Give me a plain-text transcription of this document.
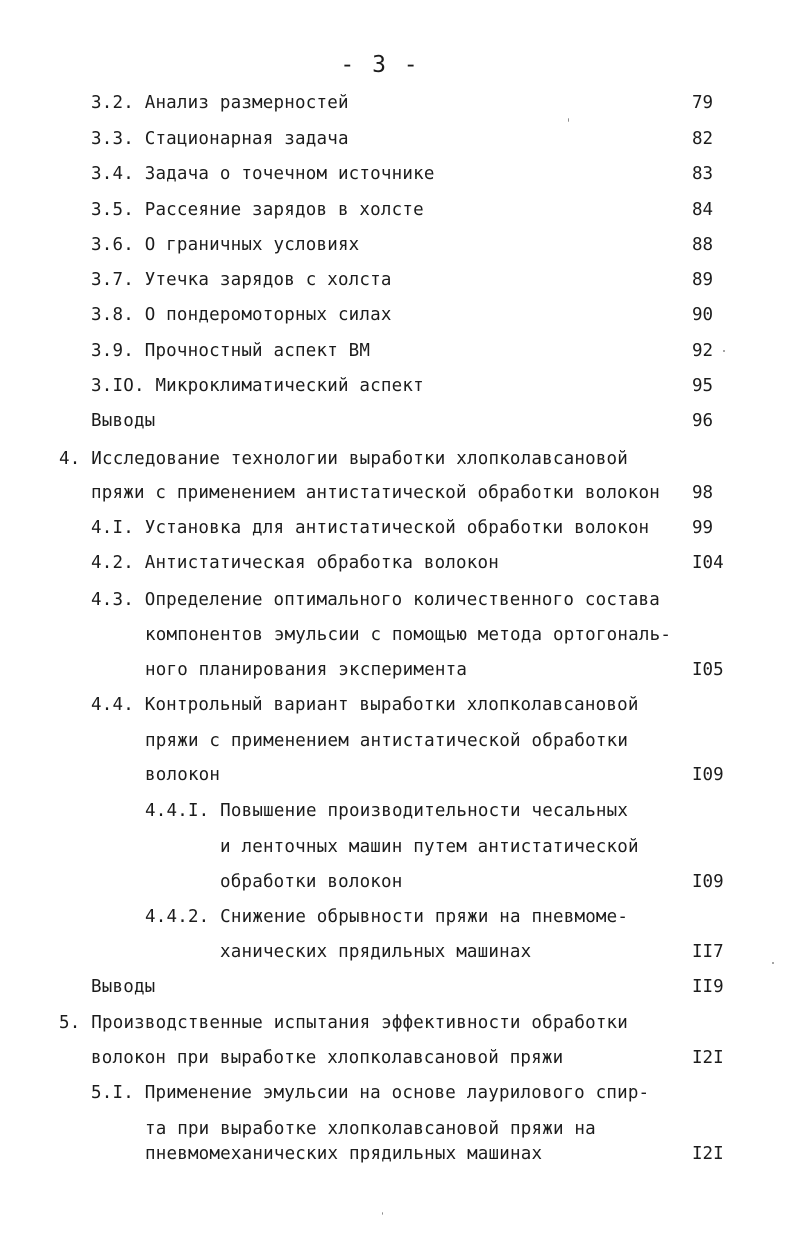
- 3 -
3.2. Анализ размерностей	79
3.3. Стационарная задача	82
3.4. Задача о точечном источнике	83
3.5. Рассеяние зарядов в холсте	84
3.6. О граничных условиях	88
3.7. Утечка зарядов с холста	89
3.8. О пондеромоторных силах	90
3.9. Прочностный аспект ВМ	92
3.IO. Микроклиматический аспект	95
Выводы	96
4. Исследование технологии выработки хлопколавсановой
пряжи с применением антистатической обработки волокон 98
4.I. Установка для антистатической обработки волокон 99
4.2. Антистатическая обработка волокон	I04
4.3. Определение оптимального количественного состава
компонентов эмульсии с помощью метода ортогональ-
ного планирования эксперимента	I05
4.4. Контрольный вариант выработки хлопколавсановой
пряжи с применением антистатической обработки
волокон	I09
4.4.I. Повышение производительности чесальных
и ленточных машин путем антистатической
обработки волокон	I09
4.4.2. Снижение обрывности пряжи на пневмоме-
ханических прядильных машинах	II7
Выводы	II9
5. Производственные испытания эффективности обработки
волокон при выработке хлопколавсановой пряжи	I2I
5.I. Применение эмульсии на основе лаурилового спир-
та при выработке хлопколавсановой пряжи на
пневмомеханических прядильных машинах	I2I
